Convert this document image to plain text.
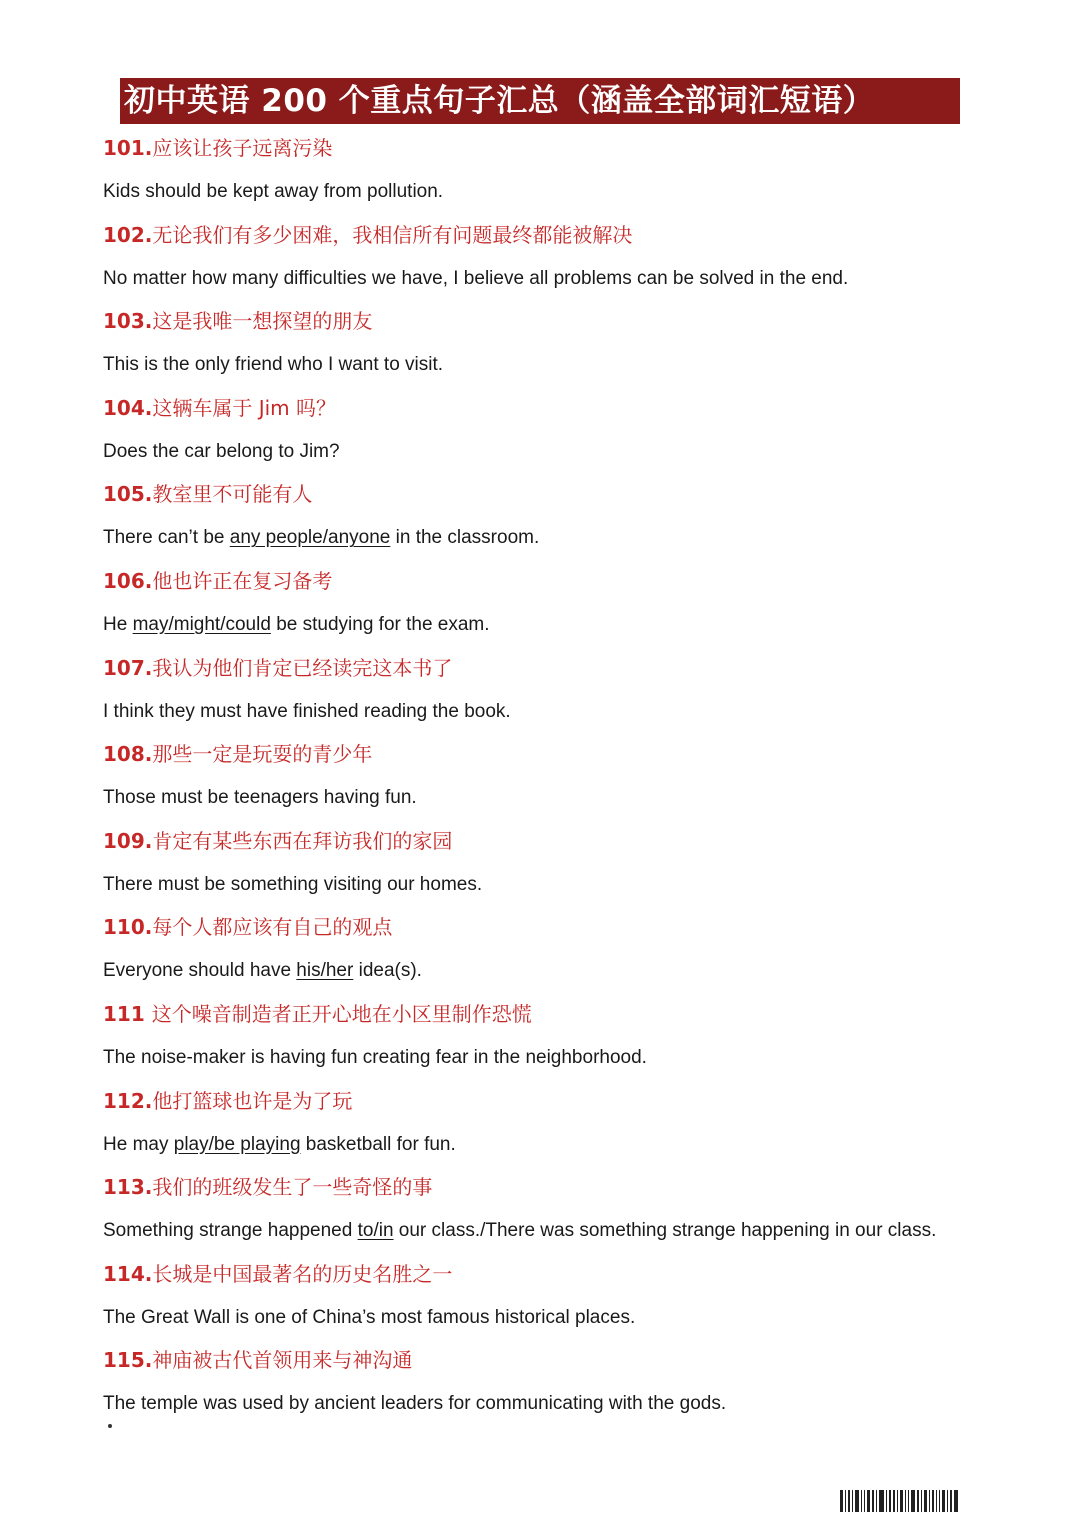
初中英语 200 个重点句子汇总（涵盖全部词汇短语）
101.应该让孩子远离污染
Kids should be kept away from pollution.
102.无论我们有多少困难，我相信所有问题最终都能被解决
No matter how many difficulties we have, I believe all problems can be solved in the end.
103.这是我唯一想探望的朋友
This is the only friend who I want to visit.
104.这辆车属于 Jim 吗？
Does the car belong to Jim?
105.教室里不可能有人
There can’t be any people/anyone in the classroom.
106.他也许正在复习备考
He may/might/could be studying for the exam.
107.我认为他们肯定已经读完这本书了
I think they must have finished reading the book.
108.那些一定是玩耍的青少年
Those must be teenagers having fun.
109.肯定有某些东西在拜访我们的家园
There must be something visiting our homes.
110.每个人都应该有自己的观点
Everyone should have his/her idea(s).
111 这个噪音制造者正开心地在小区里制作恐慌
The noise-maker is having fun creating fear in the neighborhood.
112.他打篮球也许是为了玩
He may play/be playing basketball for fun.
113.我们的班级发生了一些奇怪的事
Something strange happened to/in our class./There was something strange happening in our class.
114.长城是中国最著名的历史名胜之一
The Great Wall is one of China’s most famous historical places.
115.神庙被古代首领用来与神沟通
The temple was used by ancient leaders for communicating with the gods.
